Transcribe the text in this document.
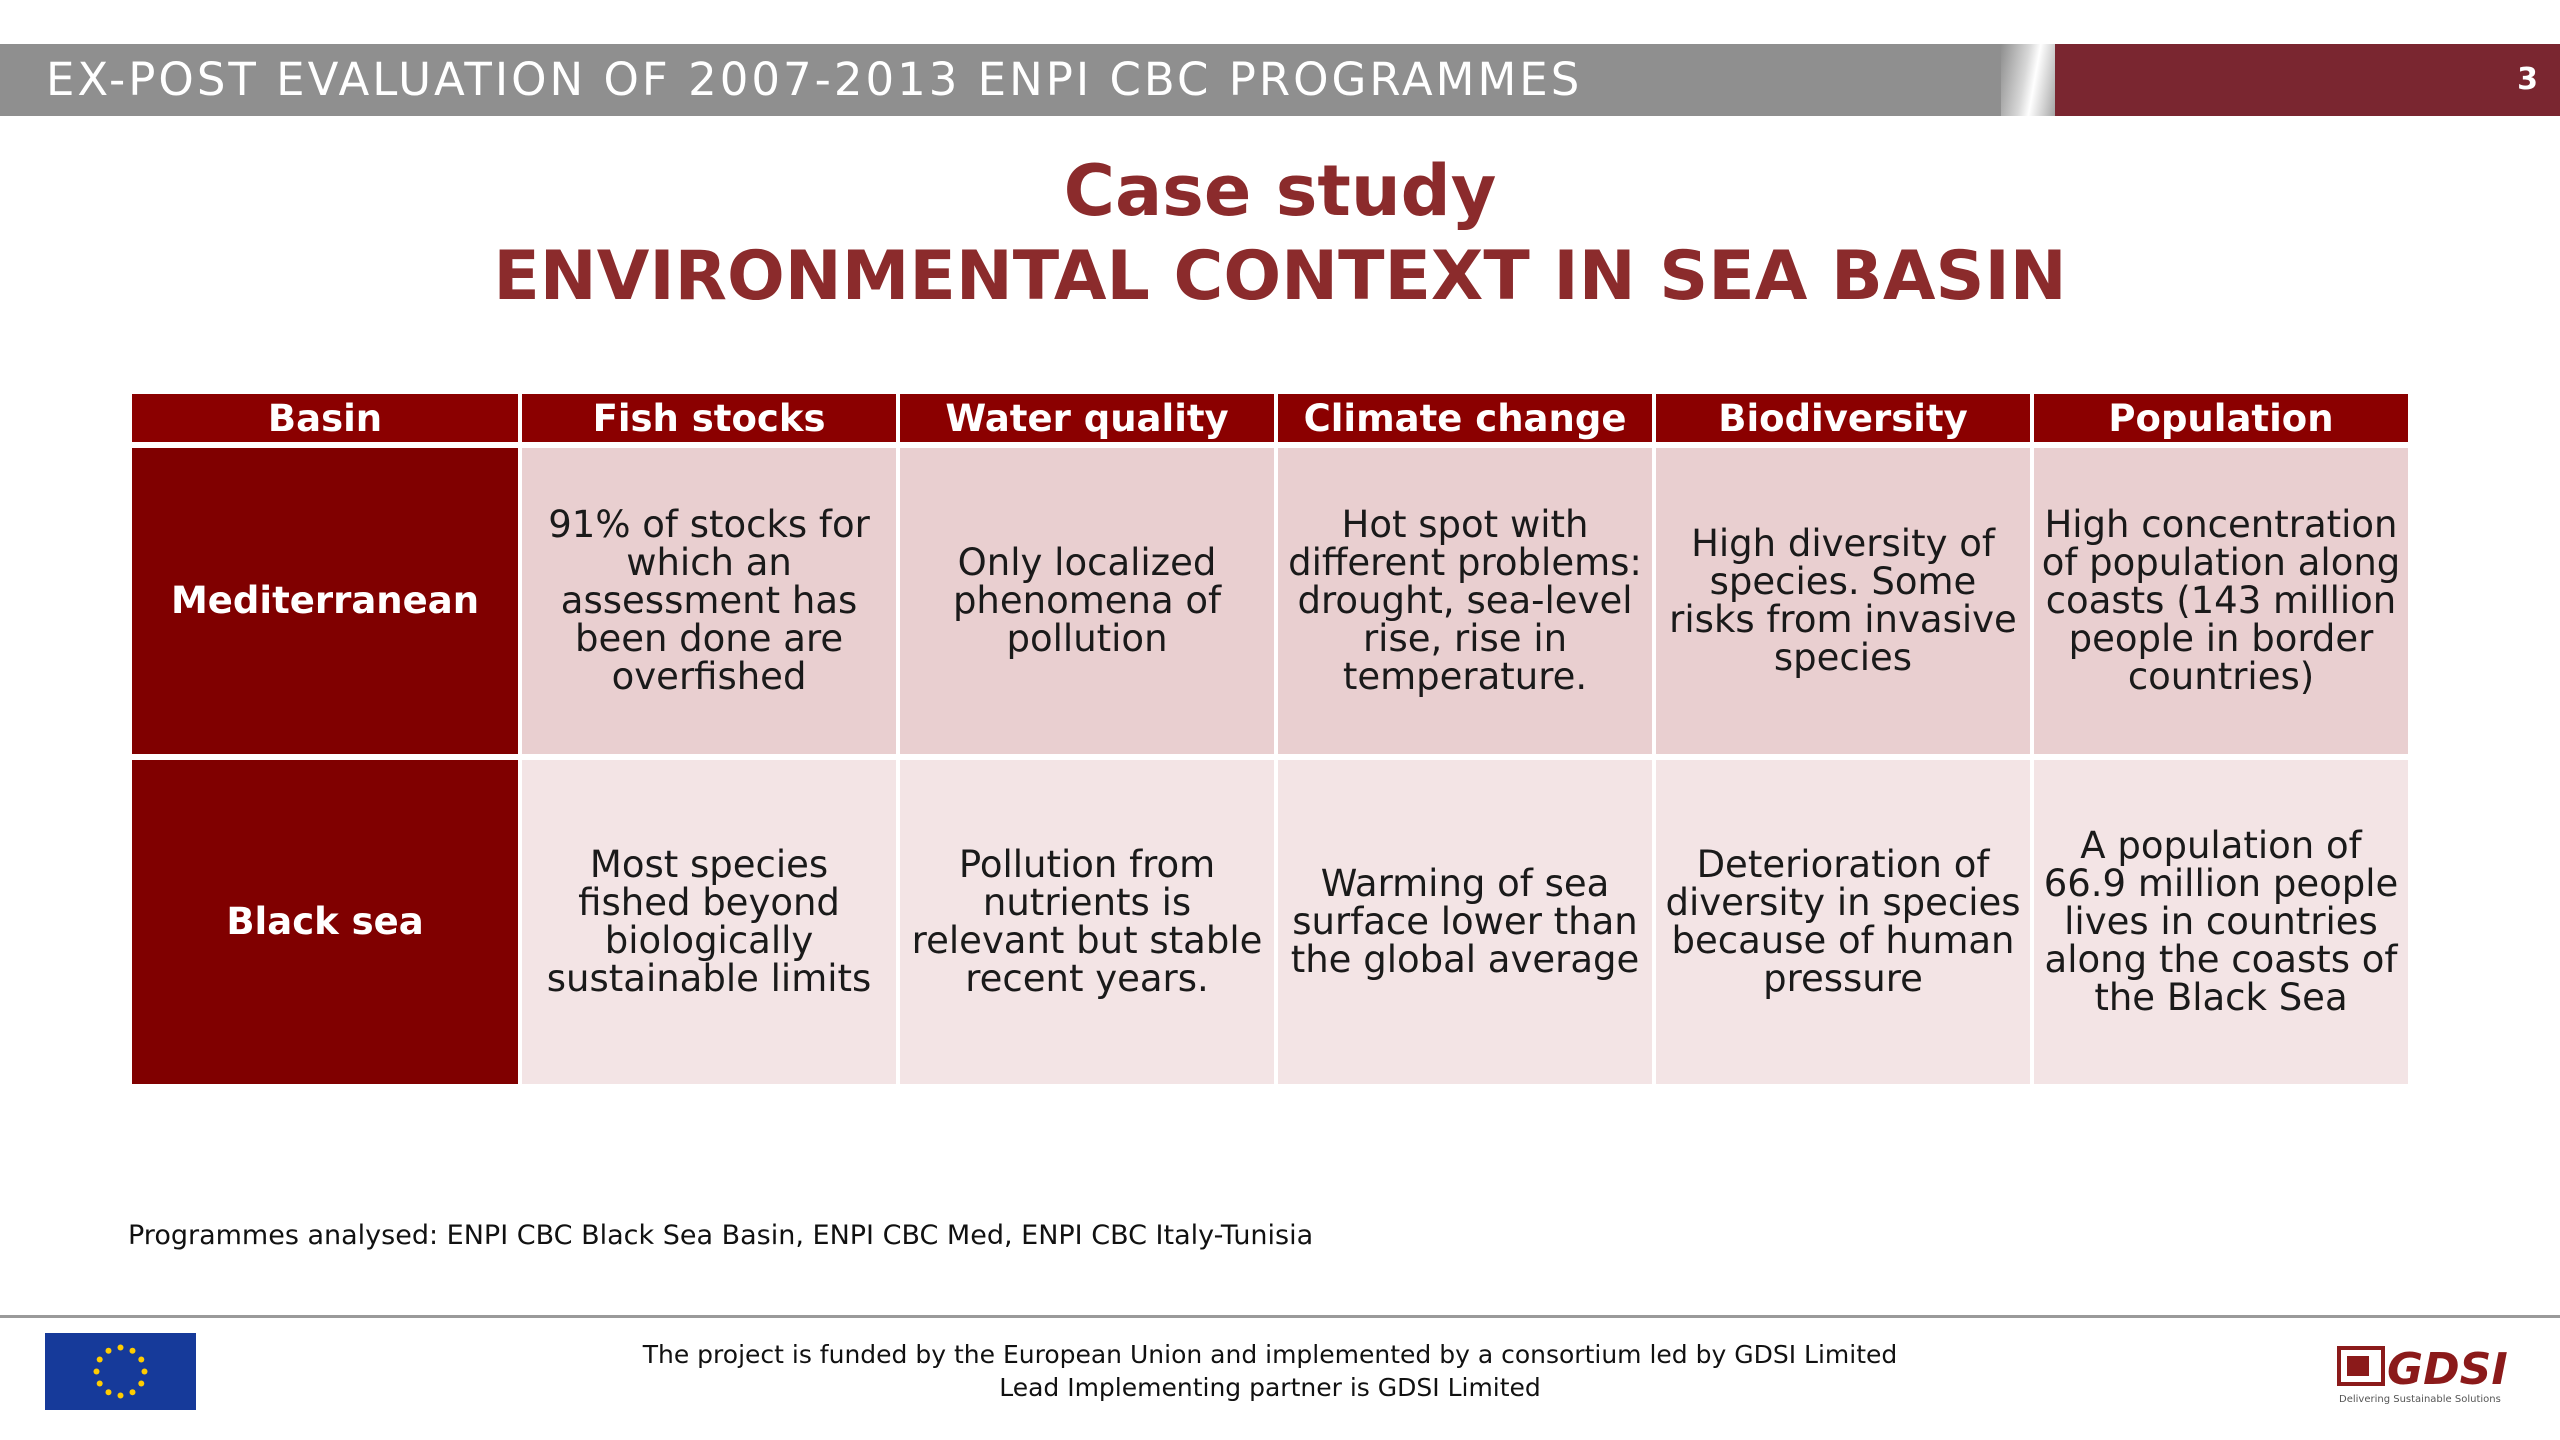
EX-POST EVALUATION OF 2007-2013 ENPI CBC PROGRAMMES	3
Case study
ENVIRONMENTAL CONTEXT IN SEA BASIN
Basin	Fish stocks	Water quality	Climate change	Biodiversity	Population
Mediterranean	91% of stocks for which an assessment has been done are overfished	Only localized phenomena of pollution	Hot spot with different problems: drought, sea-level rise, rise in temperature.	High diversity of species. Some risks from invasive species	High concentration of population along coasts (143 million people in border countries)
Black sea	Most species fished beyond biologically sustainable limits	Pollution from nutrients is relevant but stable recent years.	Warming of sea surface lower than the global average	Deterioration of diversity in species because of human pressure	A population of 66.9 million people lives in countries along the coasts of the Black Sea
Programmes analysed: ENPI CBC Black Sea Basin, ENPI CBC Med, ENPI CBC Italy-Tunisia
The project is funded by the European Union and implemented by a consortium led by GDSI Limited
Lead Implementing partner is GDSI Limited	GDSI
Delivering Sustainable Solutions
